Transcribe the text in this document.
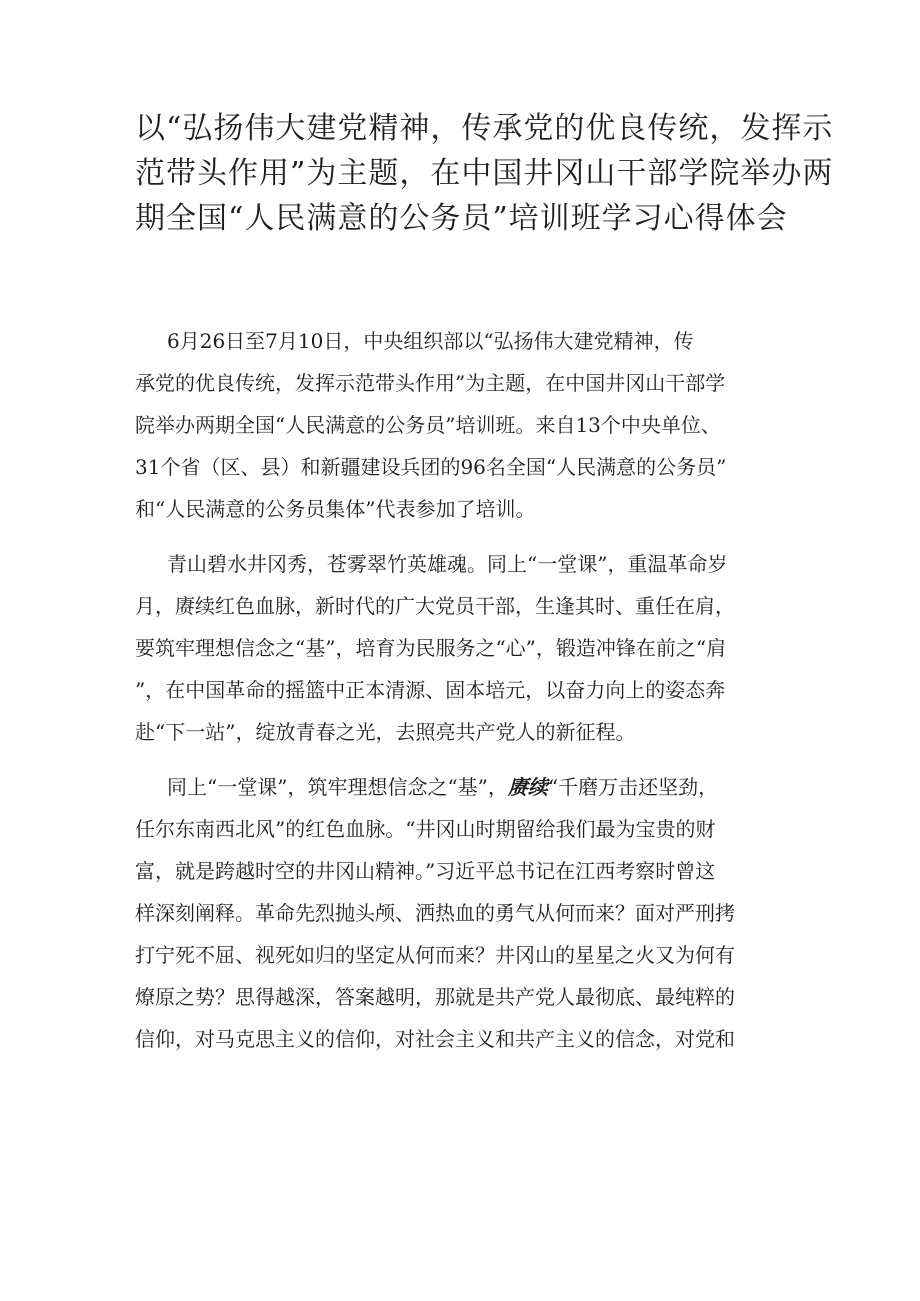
以“弘扬伟大建党精神，传承党的优良传统，发挥示
范带头作用”为主题，在中国井冈山干部学院举办两
期全国“人民满意的公务员”培训班学习心得体会

6月26日至7月10日，中央组织部以“弘扬伟大建党精神，传
承党的优良传统，发挥示范带头作用”为主题，在中国井冈山干部学
院举办两期全国“人民满意的公务员”培训班。来自13个中央单位、
31个省（区、县）和新疆建设兵团的96名全国“人民满意的公务员”
和“人民满意的公务员集体”代表参加了培训。

青山碧水井冈秀，苍雾翠竹英雄魂。同上“一堂课”，重温革命岁
月，赓续红色血脉，新时代的广大党员干部，生逢其时、重任在肩，
要筑牢理想信念之“基”，培育为民服务之“心”，锻造冲锋在前之“肩
”，在中国革命的摇篮中正本清源、固本培元，以奋力向上的姿态奔
赴“下一站”，绽放青春之光，去照亮共产党人的新征程。

同上“一堂课”，筑牢理想信念之“基”，赓续“千磨万击还坚劲，
任尔东南西北风”的红色血脉。“井冈山时期留给我们最为宝贵的财
富，就是跨越时空的井冈山精神。”习近平总书记在江西考察时曾这
样深刻阐释。革命先烈抛头颅、洒热血的勇气从何而来？面对严刑拷
打宁死不屈、视死如归的坚定从何而来？井冈山的星星之火又为何有
燎原之势？思得越深，答案越明，那就是共产党人最彻底、最纯粹的
信仰，对马克思主义的信仰，对社会主义和共产主义的信念，对党和
